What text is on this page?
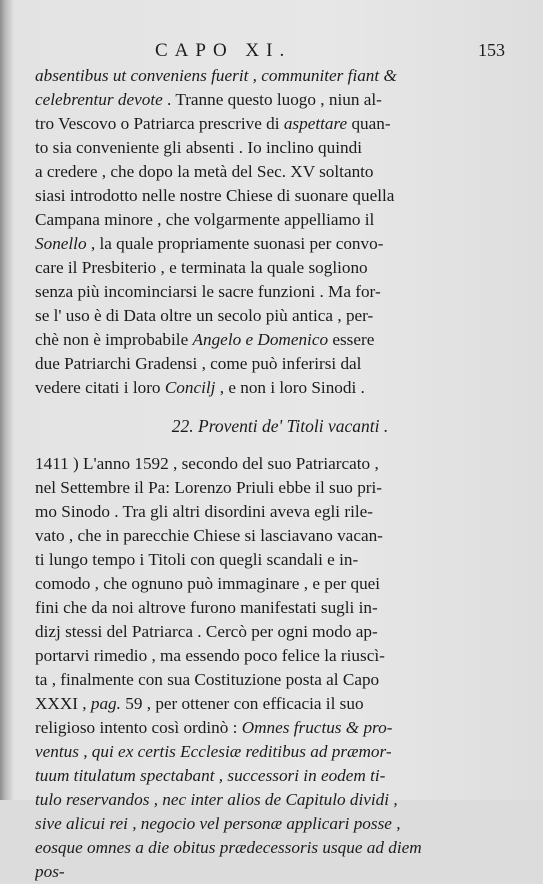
CAPO XI.	153
absentibus ut conveniens fuerit , communiter fiant &
celebrentur devote . Tranne questo luogo , niun al-
tro Vescovo o Patriarca prescrive di aspettare quan-
to sia conveniente gli absenti . Io inclino quindi
a credere , che dopo la metà del Sec. XV soltanto
siasi introdotto nelle nostre Chiese di suonare quella
Campana minore , che volgarmente appelliamo il
Sonello , la quale propriamente suonasi per convo-
care il Presbiterio , e terminata la quale sogliono
senza più incominciarsi le sacre funzioni . Ma for-
se l' uso è di Data oltre un secolo più antica , per-
chè non è improbabile Angelo e Domenico essere
due Patriarchi Gradensi , come può inferirsi dal
vedere citati i loro Concilj , e non i loro Sinodi .
22. Proventi de' Titoli vacanti .
1411 ) L'anno 1592 , secondo del suo Patriarcato ,
nel Settembre il Pa: Lorenzo Priuli ebbe il suo pri-
mo Sinodo . Tra gli altri disordini aveva egli rile-
vato , che in parecchie Chiese si lasciavano vacan-
ti lungo tempo i Titoli con quegli scandali e in-
comodo , che ognuno può immaginare , e per quei
fini che da noi altrove furono manifestati sugli in-
dizj stessi del Patriarca . Cercò per ogni modo ap-
portarvi rimedio , ma essendo poco felice la riuscì-
ta , finalmente con sua Costituzione posta al Capo
XXXI , pag. 59 , per ottener con efficacia il suo
religioso intento così ordinò : Omnes fructus & pro-
ventus , qui ex certis Ecclesiæ reditibus ad præmor-
tuum titulatum spectabant , successori in eodem ti-
tulo reservandos , nec inter alios de Capitulo dividi ,
sive alicui rei , negocio vel personæ applicari posse ,
eosque omnes a die obitus prædecessoris usque ad diem
pos-
